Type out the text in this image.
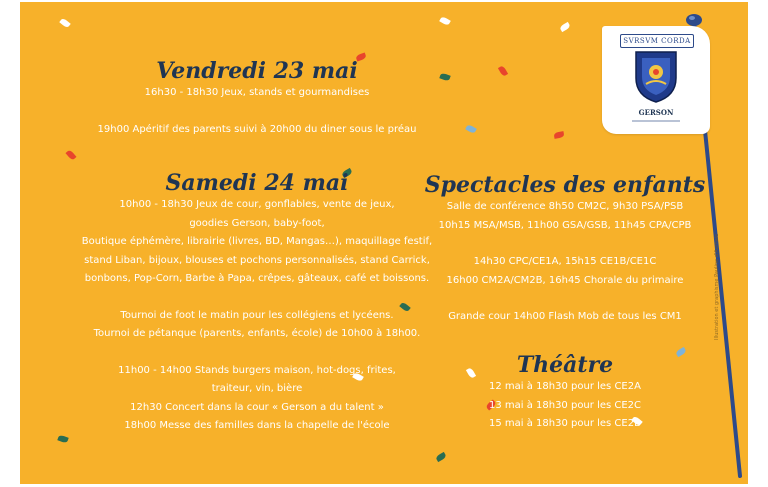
Vendredi 23 mai
16h30 - 18h30 Jeux, stands et gourmandises
19h00 Apéritif des parents suivi à 20h00 du diner sous le préau
Samedi 24 mai
10h00 - 18h30 Jeux de cour, gonflables, vente de jeux,
goodies Gerson, baby-foot,
Boutique éphémère, librairie (livres, BD, Mangas…), maquillage festif,
stand Liban, bijoux, blouses et pochons personnalisés, stand Carrick,
bonbons, Pop-Corn, Barbe à Papa, crêpes, gâteaux, café et boissons.
Tournoi de foot le matin pour les collégiens et lycéens.
Tournoi de pétanque (parents, enfants, école) de 10h00 à 18h00.
11h00 - 14h00 Stands burgers maison, hot-dogs, frites,
traiteur, vin, bière
12h30 Concert dans la cour « Gerson a du talent »
18h00 Messe des familles dans la chapelle de l'école
Spectacles des enfants
Salle de conférence 8h50 CM2C, 9h30 PSA/PSB
10h15 MSA/MSB, 11h00 GSA/GSB, 11h45 CPA/CPB
14h30 CPC/CE1A, 15h15 CE1B/CE1C
16h00 CM2A/CM2B, 16h45 Chorale du primaire
Grande cour 14h00 Flash Mob de tous les CM1
Théâtre
12 mai à 18h30 pour les CE2A
13 mai à 18h30 pour les CE2C
15 mai à 18h30 pour les CE2B
SVRSVM CORDA
GERSON
Illustration et graphisme Pauline d'Aumale
